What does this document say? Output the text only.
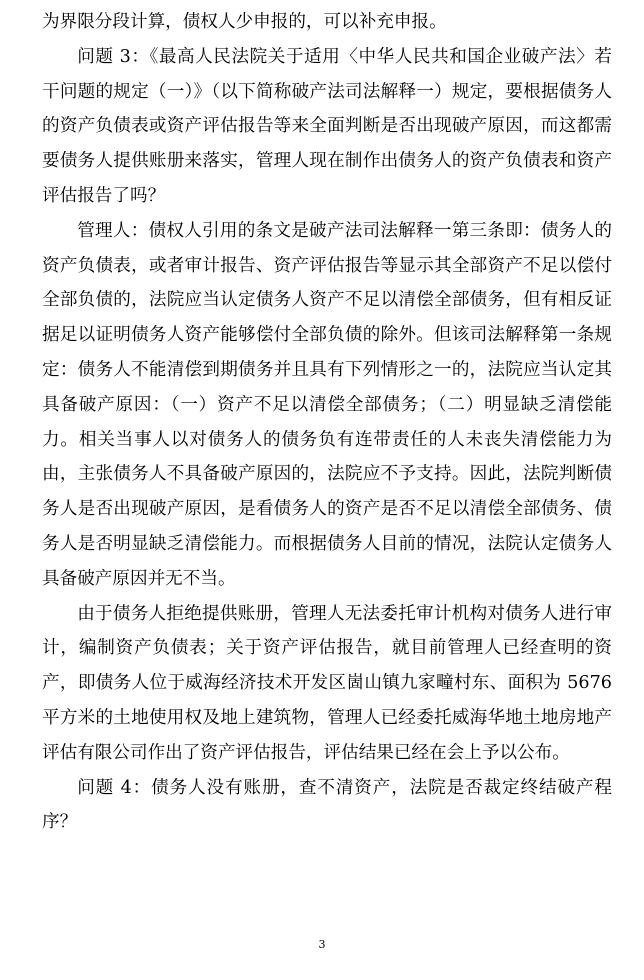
为界限分段计算，债权人少申报的，可以补充申报。

问题 3：《最高人民法院关于适用〈中华人民共和国企业破产法〉若干问题的规定（一）》（以下简称破产法司法解释一）规定，要根据债务人的资产负债表或资产评估报告等来全面判断是否出现破产原因，而这都需要债务人提供账册来落实，管理人现在制作出债务人的资产负债表和资产评估报告了吗？

管理人：债权人引用的条文是破产法司法解释一第三条即：债务人的资产负债表，或者审计报告、资产评估报告等显示其全部资产不足以偿付全部负债的，法院应当认定债务人资产不足以清偿全部债务，但有相反证据足以证明债务人资产能够偿付全部负债的除外。但该司法解释第一条规定：债务人不能清偿到期债务并且具有下列情形之一的，法院应当认定其具备破产原因：（一）资产不足以清偿全部债务；（二）明显缺乏清偿能力。相关当事人以对债务人的债务负有连带责任的人未丧失清偿能力为由，主张债务人不具备破产原因的，法院应不予支持。因此，法院判断债务人是否出现破产原因，是看债务人的资产是否不足以清偿全部债务、债务人是否明显缺乏清偿能力。而根据债务人目前的情况，法院认定债务人具备破产原因并无不当。

由于债务人拒绝提供账册，管理人无法委托审计机构对债务人进行审计，编制资产负债表；关于资产评估报告，就目前管理人已经查明的资产，即债务人位于威海经济技术开发区崮山镇九家疃村东、面积为 5676 平方米的土地使用权及地上建筑物，管理人已经委托威海华地土地房地产评估有限公司作出了资产评估报告，评估结果已经在会上予以公布。

问题 4：债务人没有账册，查不清资产，法院是否裁定终结破产程序？

3
